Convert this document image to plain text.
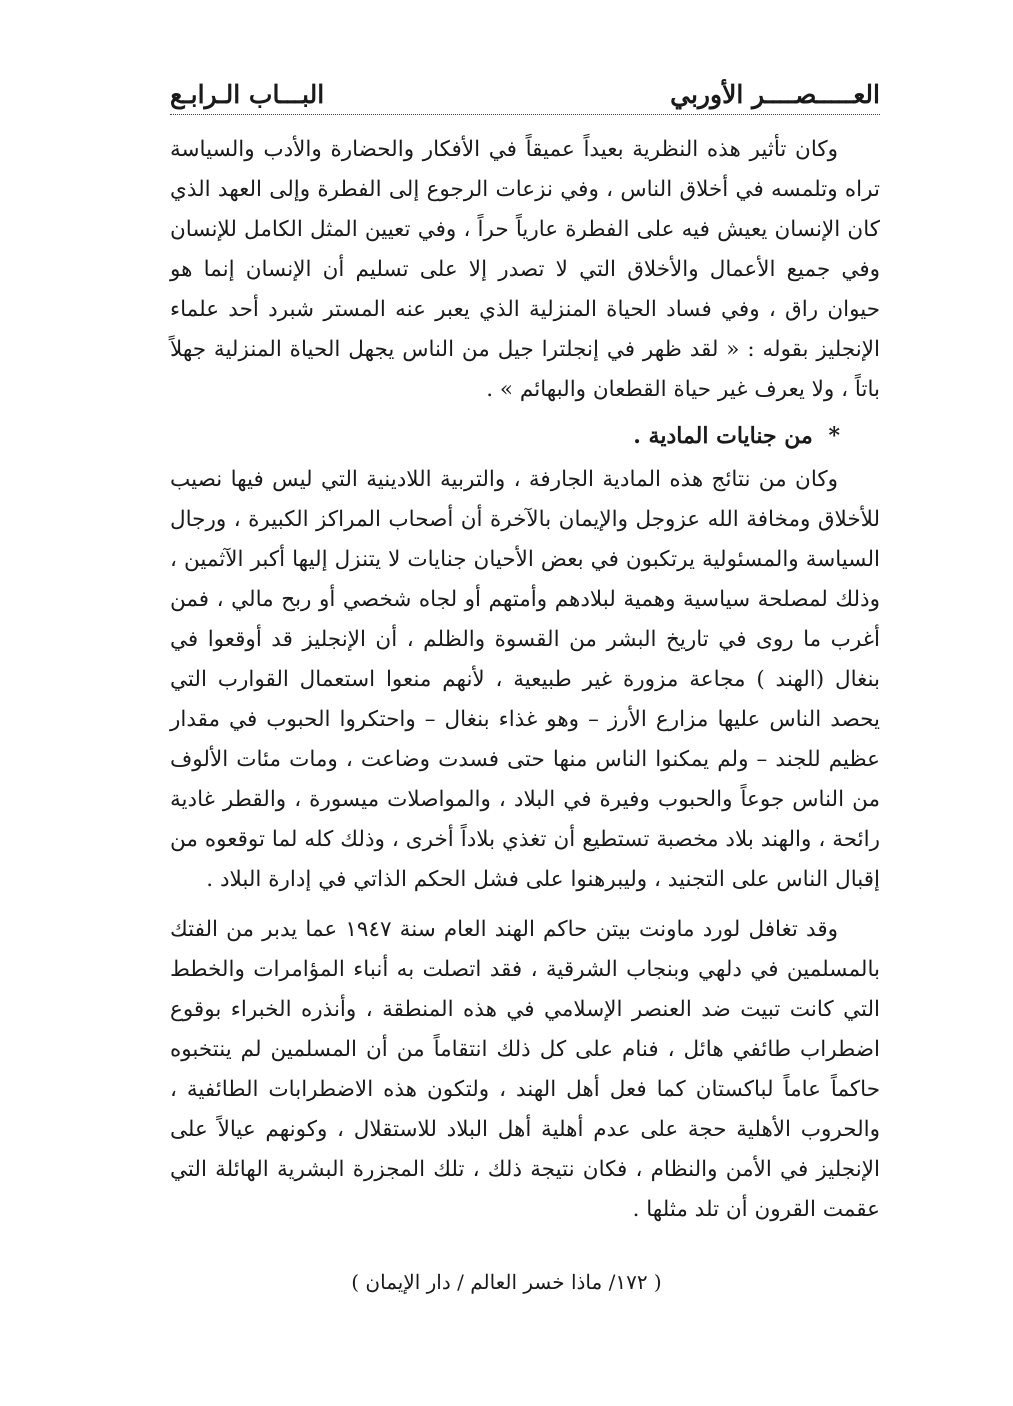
العـــــصــــر الأوربي
البـــاب الـرابـع

وكان تأثير هذه النظرية بعيداً عميقاً في الأفكار والحضارة والأدب والسياسة تراه وتلمسه في أخلاق الناس ، وفي نزعات الرجوع إلى الفطرة وإلى العهد الذي كان الإنسان يعيش فيه على الفطرة عارياً حراً ، وفي تعيين المثل الكامل للإنسان وفي جميع الأعمال والأخلاق التي لا تصدر إلا على تسليم أن الإنسان إنما هو حيوان راق ، وفي فساد الحياة المنزلية الذي يعبر عنه المستر شبرد أحد علماء الإنجليز بقوله : « لقد ظهر في إنجلترا جيل من الناس يجهل الحياة المنزلية جهلاً باتاً ، ولا يعرف غير حياة القطعان والبهائم » .

* من جنايات المادية .

وكان من نتائج هذه المادية الجارفة ، والتربية اللادينية التي ليس فيها نصيب للأخلاق ومخافة الله عزوجل والإيمان بالآخرة أن أصحاب المراكز الكبيرة ، ورجال السياسة والمسئولية يرتكبون في بعض الأحيان جنايات لا يتنزل إليها أكبر الآثمين ، وذلك لمصلحة سياسية وهمية لبلادهم وأمتهم أو لجاه شخصي أو ربح مالي ، فمن أغرب ما روى في تاريخ البشر من القسوة والظلم ، أن الإنجليز قد أوقعوا في بنغال (الهند ) مجاعة مزورة غير طبيعية ، لأنهم منعوا استعمال القوارب التي يحصد الناس عليها مزارع الأرز – وهو غذاء بنغال – واحتكروا الحبوب في مقدار عظيم للجند – ولم يمكنوا الناس منها حتى فسدت وضاعت ، ومات مئات الألوف من الناس جوعاً والحبوب وفيرة في البلاد ، والمواصلات ميسورة ، والقطر غادية رائحة ، والهند بلاد مخصبة تستطيع أن تغذي بلاداً أخرى ، وذلك كله لما توقعوه من إقبال الناس على التجنيد ، وليبرهنوا على فشل الحكم الذاتي في إدارة البلاد .

وقد تغافل لورد ماونت بيتن حاكم الهند العام سنة ١٩٤٧ عما يدبر من الفتك بالمسلمين في دلهي وبنجاب الشرقية ، فقد اتصلت به أنباء المؤامرات والخطط التي كانت تبيت ضد العنصر الإسلامي في هذه المنطقة ، وأنذره الخبراء بوقوع اضطراب طائفي هائل ، فنام على كل ذلك انتقاماً من أن المسلمين لم ينتخبوه حاكماً عاماً لباكستان كما فعل أهل الهند ، ولتكون هذه الاضطرابات الطائفية ، والحروب الأهلية حجة على عدم أهلية أهل البلاد للاستقلال ، وكونهم عيالاً على الإنجليز في الأمن والنظام ، فكان نتيجة ذلك ، تلك المجزرة البشرية الهائلة التي عقمت القرون أن تلد مثلها .

( ١٧٢/ ماذا خسر العالم / دار الإيمان )
